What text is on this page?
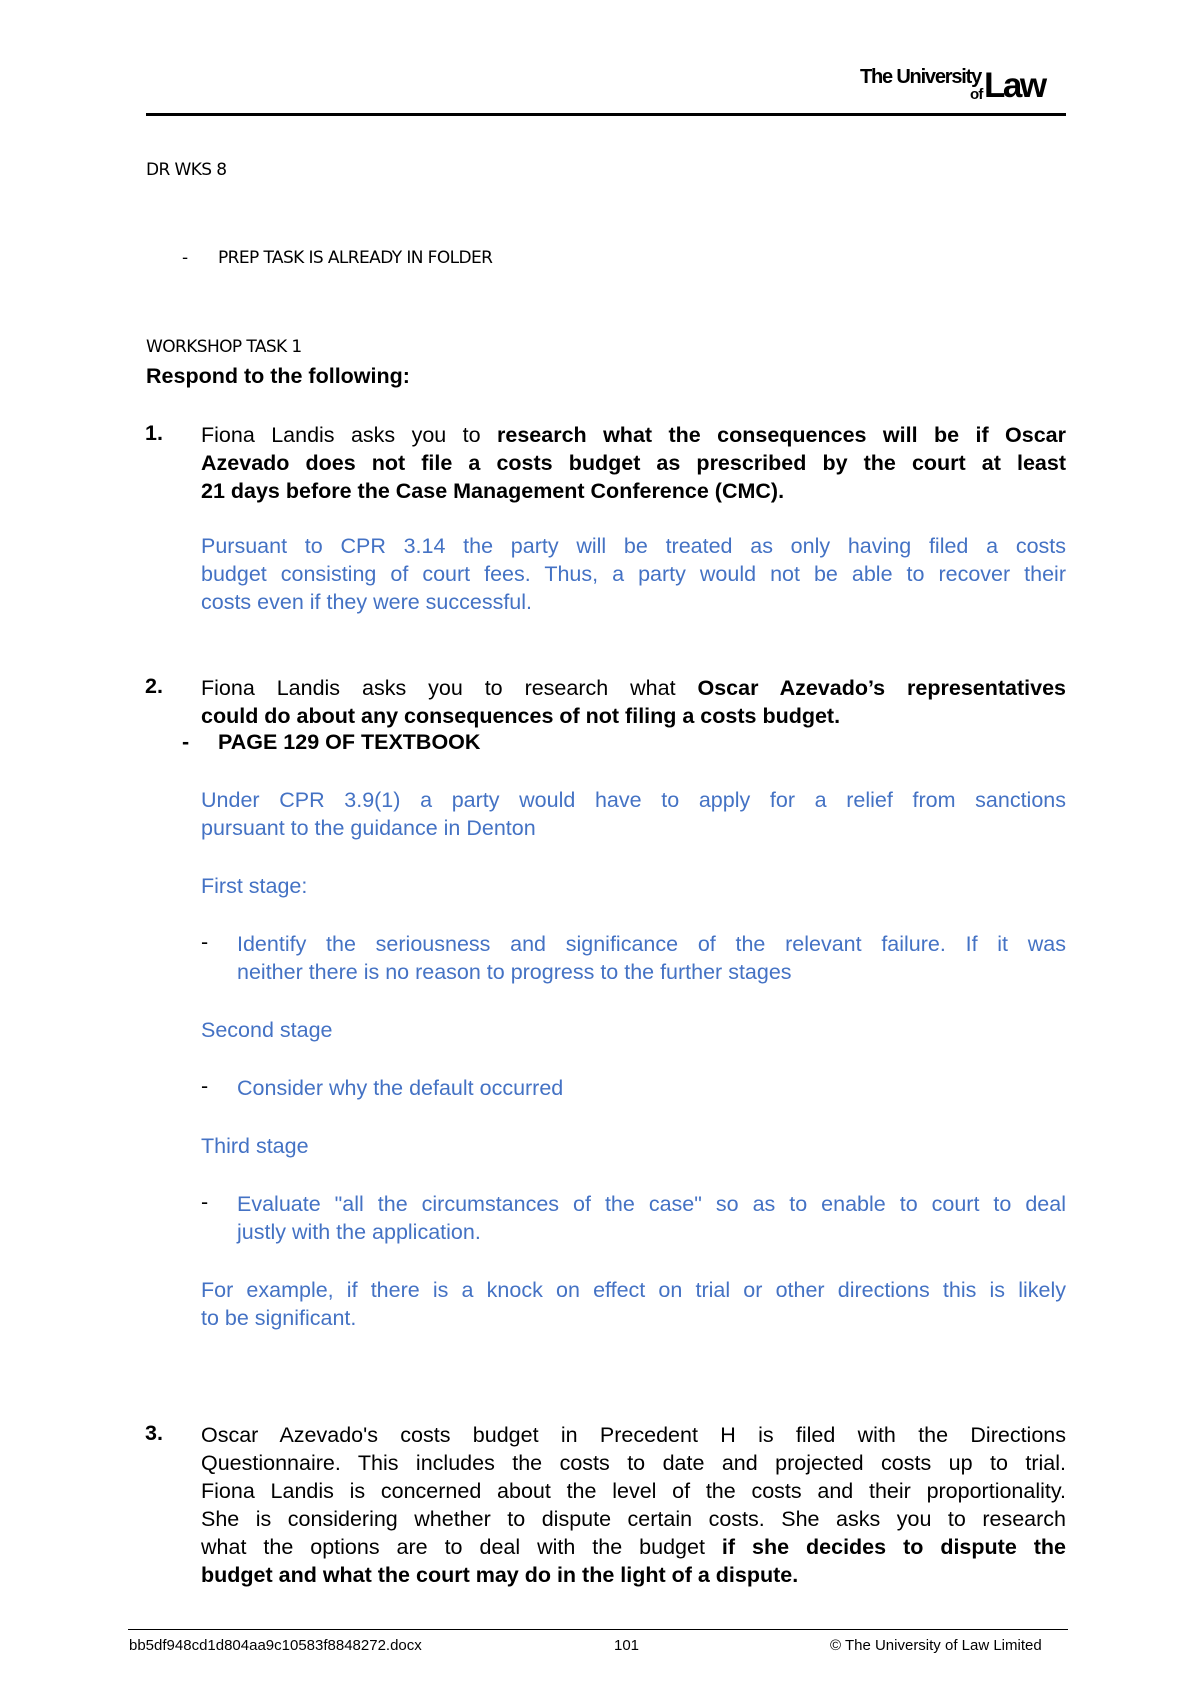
The University
of Law
DR WKS 8
- PREP TASK IS ALREADY IN FOLDER
WORKSHOP TASK 1
Respond to the following:
1. Fiona Landis asks you to research what the consequences will be if Oscar
Azevado does not file a costs budget as prescribed by the court at least
21 days before the Case Management Conference (CMC).
Pursuant to CPR 3.14 the party will be treated as only having filed a costs
budget consisting of court fees. Thus, a party would not be able to recover their
costs even if they were successful.
2. Fiona Landis asks you to research what Oscar Azevado’s representatives
could do about any consequences of not filing a costs budget.
- PAGE 129 OF TEXTBOOK
Under CPR 3.9(1) a party would have to apply for a relief from sanctions
pursuant to the guidance in Denton
First stage:
- Identify the seriousness and significance of the relevant failure. If it was
neither there is no reason to progress to the further stages
Second stage
- Consider why the default occurred
Third stage
- Evaluate "all the circumstances of the case" so as to enable to court to deal
justly with the application.
For example, if there is a knock on effect on trial or other directions this is likely
to be significant.
3. Oscar Azevado's costs budget in Precedent H is filed with the Directions
Questionnaire. This includes the costs to date and projected costs up to trial.
Fiona Landis is concerned about the level of the costs and their proportionality.
She is considering whether to dispute certain costs. She asks you to research
what the options are to deal with the budget if she decides to dispute the
budget and what the court may do in the light of a dispute.
bb5df948cd1d804aa9c10583f8848272.docx	101	© The University of Law Limited
